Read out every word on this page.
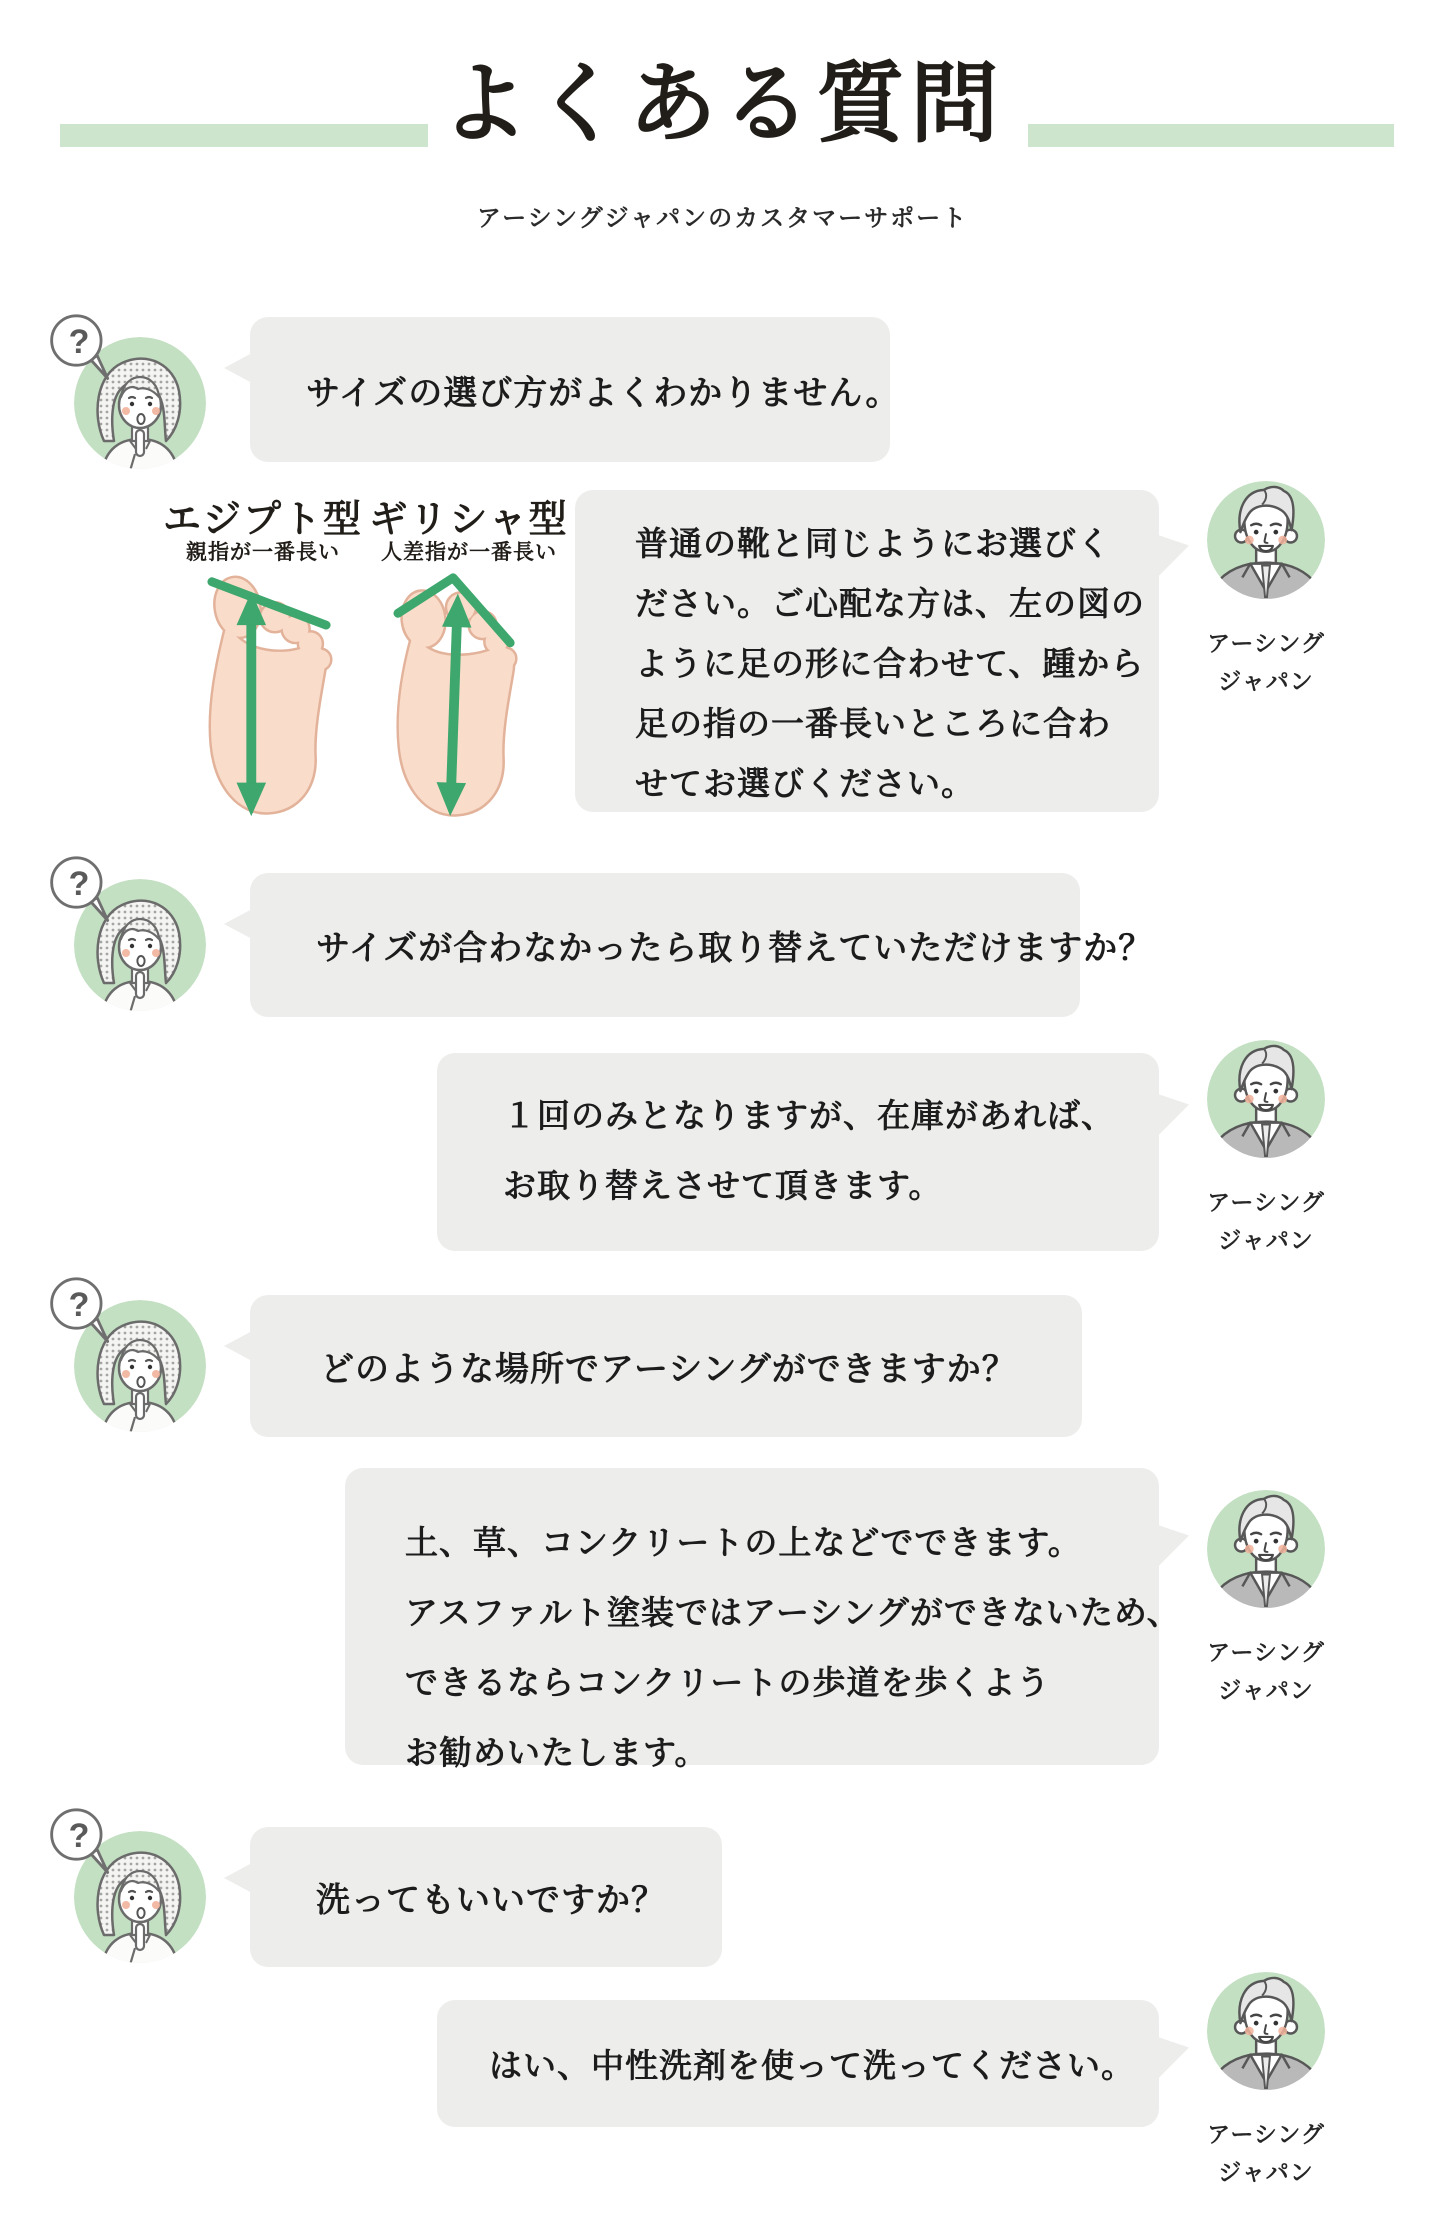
よくある質問
アーシングジャパンのカスタマーサポート
?
サイズの選び方がよくわかりません。
エジプト型
親指が一番長い
ギリシャ型
人差指が一番長い	普通の靴と同じようにお選びく
ださい。ご心配な方は、左の図の
ように足の形に合わせて、踵から
足の指の一番長いところに合わ
せてお選びください。
アーシング
ジャパン
?
サイズが合わなかったら取り替えていただけますか？
１回のみとなりますが、在庫があれば、
お取り替えさせて頂きます。	アーシング
ジャパン
?
どのような場所でアーシングができますか？
土、草、コンクリートの上などでできます。
アスファルト塗装ではアーシングができないため、
できるならコンクリートの歩道を歩くよう
お勧めいたします。
アーシング
ジャパン
?
洗ってもいいですか？
はい、中性洗剤を使って洗ってください。
アーシング
ジャパン
